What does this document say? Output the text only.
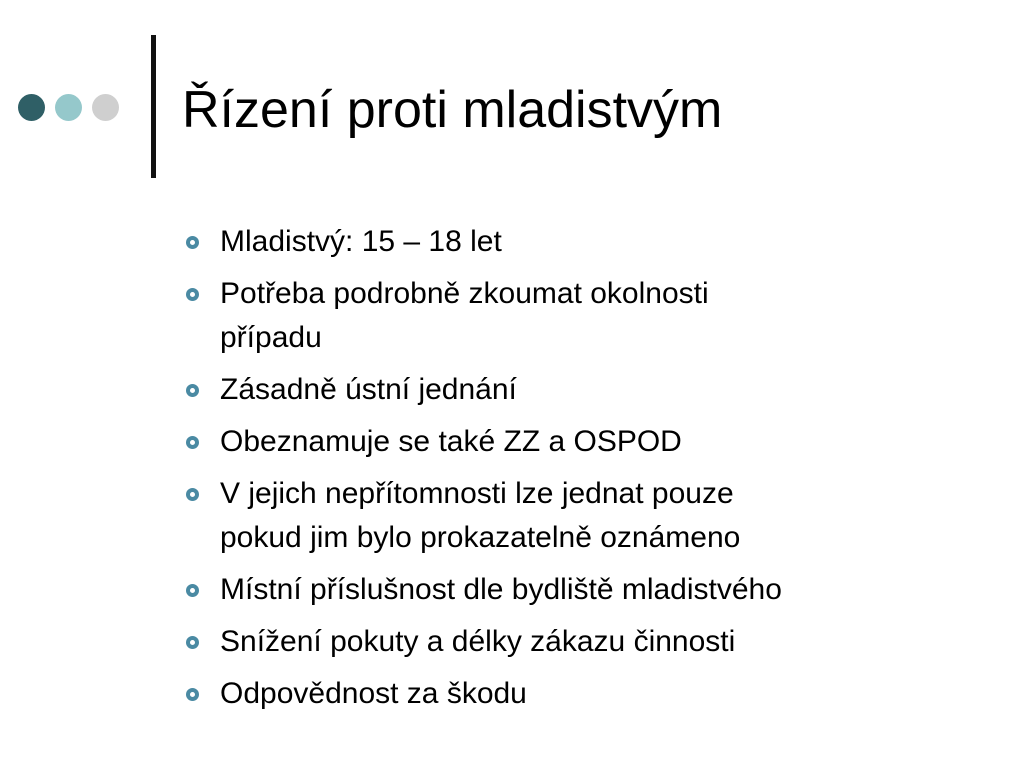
Řízení proti mladistvým
Mladistvý: 15 – 18 let
Potřeba podrobně zkoumat okolnosti
případu
Zásadně ústní jednání
Obeznamuje se také ZZ a OSPOD
V jejich nepřítomnosti lze jednat pouze
pokud jim bylo prokazatelně oznámeno
Místní příslušnost dle bydliště mladistvého
Snížení pokuty a délky zákazu činnosti
Odpovědnost za škodu
